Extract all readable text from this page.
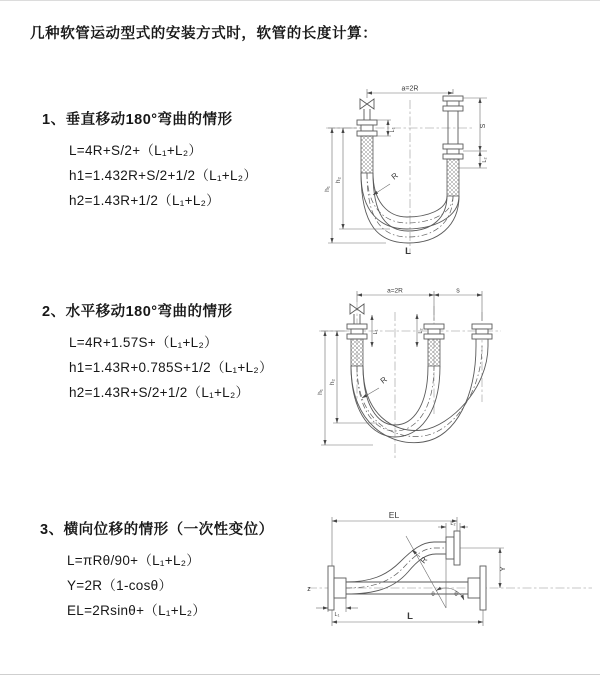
几种软管运动型式的安装方式时，软管的长度计算：
1、垂直移动180°弯曲的情形
L=4R+S/2+（L₁+L₂）
h1=1.432R+S/2+1/2（L₁+L₂）
h2=1.43R+1/2（L₁+L₂）
2、水平移动180°弯曲的情形
L=4R+1.57S+（L₁+L₂）
h1=1.43R+0.785S+1/2（L₁+L₂）
h2=1.43R+S/2+1/2（L₁+L₂）
3、横向位移的情形（一次性变位）
L=πRθ/90+（L₁+L₂）
Y=2R（1-cosθ）
EL=2Rsinθ+（L₁+L₂）
a=2R
R
h₁
h₂
L₁
S
L₂
L
a=2R	s
R
h₁
h₂
L₁	L₂
z
EL
L₂
Y
θ	θ
R
L₁	L
